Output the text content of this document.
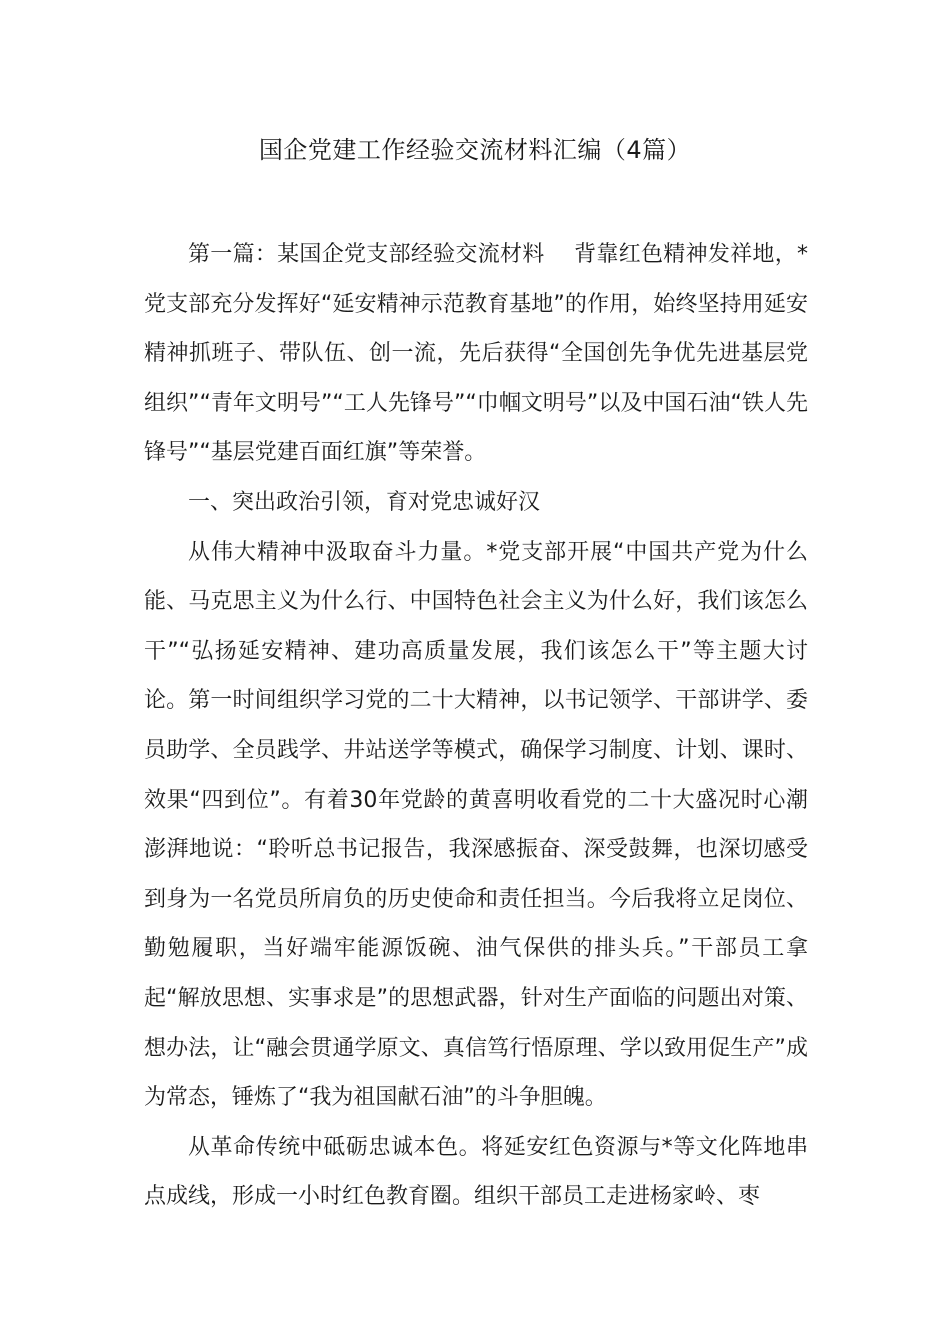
国企党建工作经验交流材料汇编（4篇）

第一篇：某国企党支部经验交流材料　 背靠红色精神发祥地，*党支部充分发挥好“延安精神示范教育基地”的作用，始终坚持用延安精神抓班子、带队伍、创一流，先后获得“全国创先争优先进基层党组织”“青年文明号”“工人先锋号”“巾帼文明号”以及中国石油“铁人先锋号”“基层党建百面红旗”等荣誉。

一、突出政治引领，育对党忠诚好汉

从伟大精神中汲取奋斗力量。*党支部开展“中国共产党为什么能、马克思主义为什么行、中国特色社会主义为什么好，我们该怎么干”“弘扬延安精神、建功高质量发展，我们该怎么干”等主题大讨论。第一时间组织学习党的二十大精神，以书记领学、干部讲学、委员助学、全员践学、井站送学等模式，确保学习制度、计划、课时、效果“四到位”。有着30年党龄的黄喜明收看党的二十大盛况时心潮澎湃地说：“聆听总书记报告，我深感振奋、深受鼓舞，也深切感受到身为一名党员所肩负的历史使命和责任担当。今后我将立足岗位、勤勉履职，当好端牢能源饭碗、油气保供的排头兵。”干部员工拿起“解放思想、实事求是”的思想武器，针对生产面临的问题出对策、想办法，让“融会贯通学原文、真信笃行悟原理、学以致用促生产”成为常态，锤炼了“我为祖国献石油”的斗争胆魄。

从革命传统中砥砺忠诚本色。将延安红色资源与*等文化阵地串点成线，形成一小时红色教育圈。组织干部员工走进杨家岭、枣
